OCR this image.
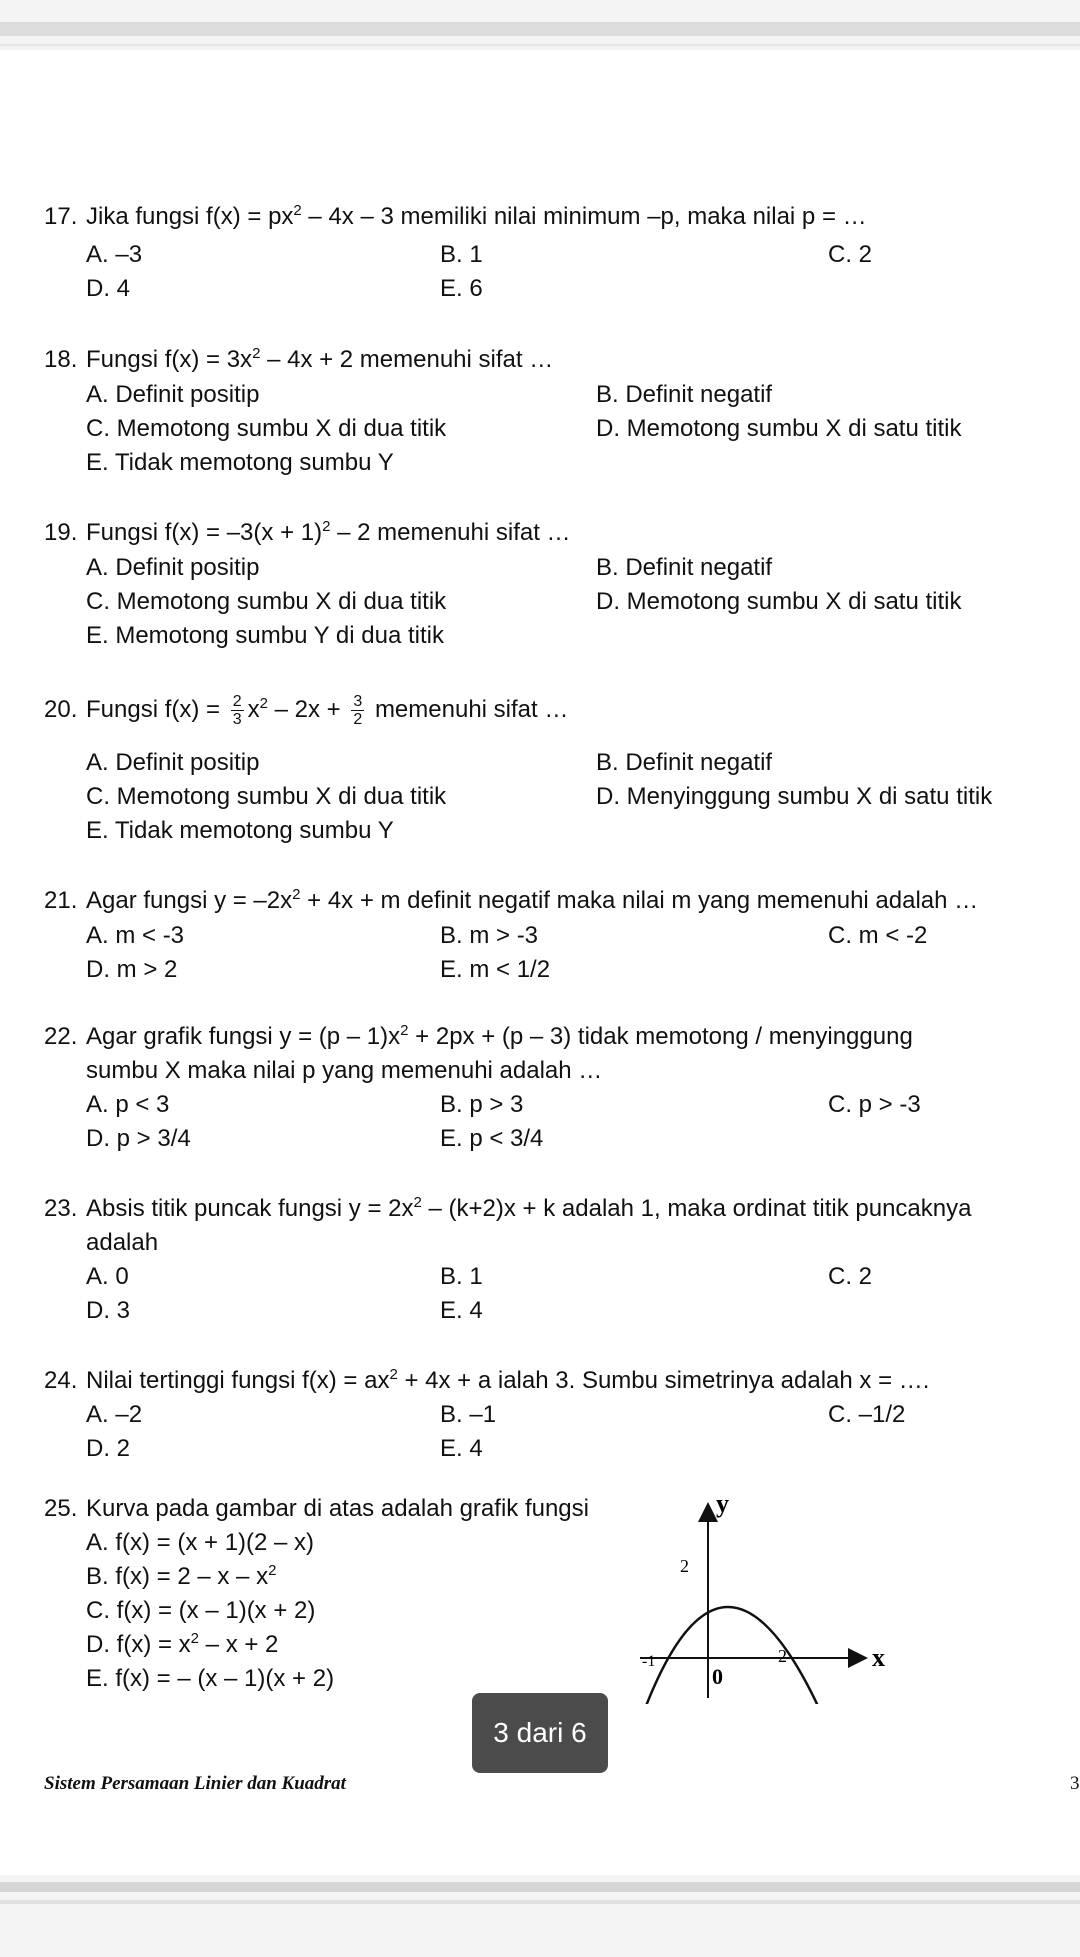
17. Jika fungsi $f(x) = px^2 - 4x - 3$ memiliki nilai minimum –p, maka nilai p = …
A. –3	B. 1	C. 2
D. 4	E. 6
18. Fungsi $f(x) = 3x^2 - 4x + 2$ memenuhi sifat …
A. Definit positip	B. Definit negatif
C. Memotong sumbu X di dua titik	D. Memotong sumbu X di satu titik
E. Tidak memotong sumbu Y
19. Fungsi $f(x) = -3(x + 1)^2 - 2$ memenuhi sifat …
A. Definit positip	B. Definit negatif
C. Memotong sumbu X di dua titik	D. Memotong sumbu X di satu titik
E. Memotong sumbu Y di dua titik
20. Fungsi $f(x) = \frac{2}{3} x^2 - 2x + \frac{3}{2}$ memenuhi sifat …
A. Definit positip	B. Definit negatif
C. Memotong sumbu X di dua titik	D. Menyinggung sumbu X di satu titik
E. Tidak memotong sumbu Y
21. Agar fungsi $y = -2x^2 + 4x + m$ definit negatif maka nilai m yang memenuhi adalah …
A. m < -3	B. m > -3	C. m < -2
D. m > 2	E. m < 1/2
22. Agar grafik fungsi $y = (p - 1)x^2 + 2px + (p - 3)$ tidak memotong / menyinggung
sumbu X maka nilai p yang memenuhi adalah …
A. p < 3	B. p > 3	C. p > -3
D. p > 3/4	E. p < 3/4
23. Absis titik puncak fungsi $y = 2x^2 - (k+2)x + k$ adalah 1, maka ordinat titik puncaknya
adalah
A. 0	B. 1	C. 2
D. 3	E. 4
24. Nilai tertinggi fungsi $f(x) = ax^2 + 4x + a$ ialah 3. Sumbu simetrinya adalah x = ….
A. –2	B. –1	C. –1/2
D. 2	E. 4
25. Kurva pada gambar di atas adalah grafik fungsi
A. f(x) = (x + 1)(2 – x)
B. $f(x) = 2 - x - x^2$
C. f(x) = (x – 1)(x + 2)
D. $f(x) = x^2 - x + 2$
E. f(x) = – (x – 1)(x + 2)
y
x
2
-1
0
2
3 dari 6
Sistem Persamaan Linier dan Kuadrat	3
